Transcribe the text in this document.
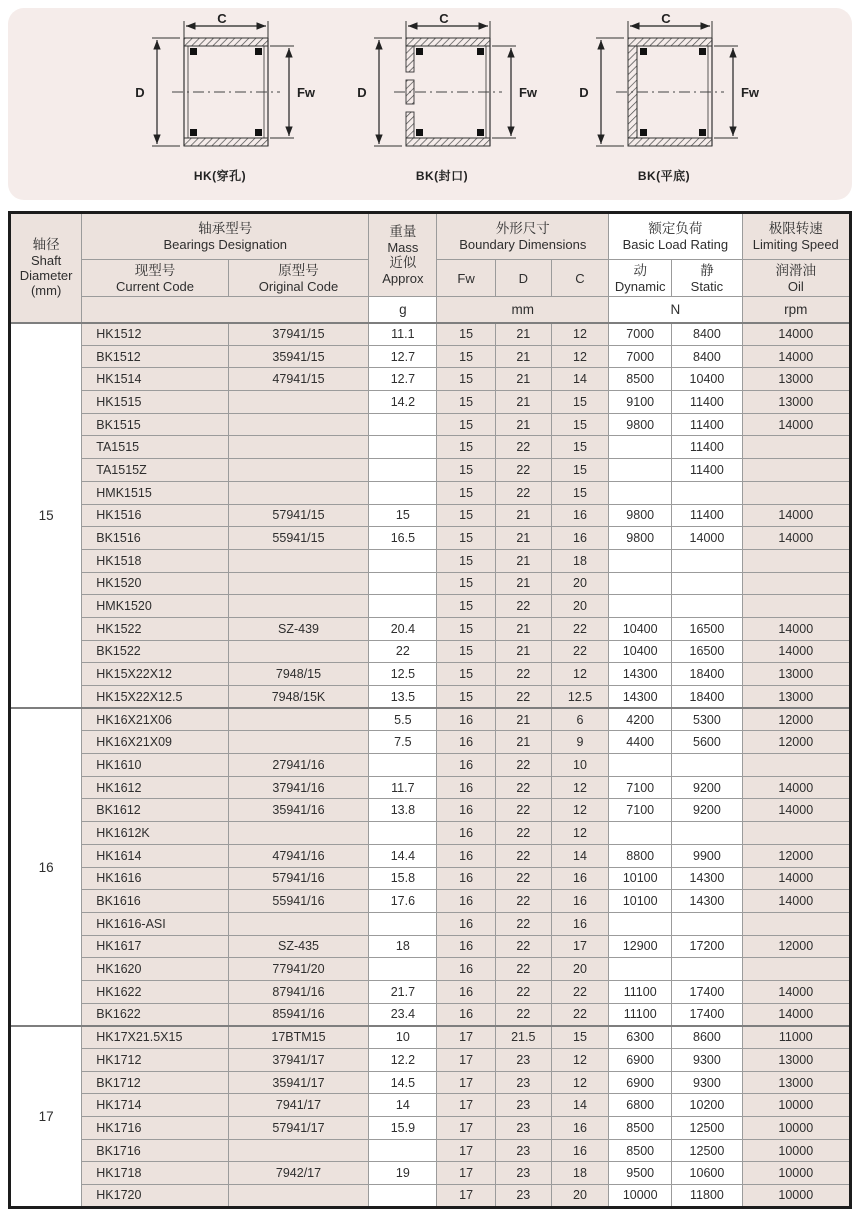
C
D	Fw
HK(穿孔)
C
D	Fw
BK(封口)
C
D	Fw
BK(平底)
轴径
Shaft
Diameter
(mm)	轴承型号
Bearings Designation		重量
Mass
近似
Approx	外形尺寸
Boundary Dimensions			额定负荷
Basic Load Rating		极限转速
Limiting Speed

	现型号
Current Code	原型号
Original Code		Fw	D	C	动
Dynamic	静
Static	润滑油
Oil

			g	mm			N		rpm
15	HK1512	37941/15	11.1	15	21	12	7000	8400	14000
	BK1512	35941/15	12.7	15	21	12	7000	8400	14000
	HK1514	47941/15	12.7	15	21	14	8500	10400	13000
	HK1515		14.2	15	21	15	9100	11400	13000
	BK1515			15	21	15	9800	11400	14000
	TA1515			15	22	15		11400	
	TA1515Z			15	22	15		11400	
	HMK1515			15	22	15			
	HK1516	57941/15	15	15	21	16	9800	11400	14000
	BK1516	55941/15	16.5	15	21	16	9800	14000	14000
	HK1518			15	21	18			
	HK1520			15	21	20			
	HMK1520			15	22	20			
	HK1522	SZ-439	20.4	15	21	22	10400	16500	14000
	BK1522		22	15	21	22	10400	16500	14000
	HK15X22X12	7948/15	12.5	15	22	12	14300	18400	13000
	HK15X22X12.5	7948/15K	13.5	15	22	12.5	14300	18400	13000
16	HK16X21X06		5.5	16	21	6	4200	5300	12000
	HK16X21X09		7.5	16	21	9	4400	5600	12000
	HK1610	27941/16		16	22	10			
	HK1612	37941/16	11.7	16	22	12	7100	9200	14000
	BK1612	35941/16	13.8	16	22	12	7100	9200	14000
	HK1612K			16	22	12			
	HK1614	47941/16	14.4	16	22	14	8800	9900	12000
	HK1616	57941/16	15.8	16	22	16	10100	14300	14000
	BK1616	55941/16	17.6	16	22	16	10100	14300	14000
	HK1616-ASI			16	22	16			
	HK1617	SZ-435	18	16	22	17	12900	17200	12000
	HK1620	77941/20		16	22	20			
	HK1622	87941/16	21.7	16	22	22	11100	17400	14000
	BK1622	85941/16	23.4	16	22	22	11100	17400	14000
17	HK17X21.5X15	17BTM15	10	17	21.5	15	6300	8600	11000
	HK1712	37941/17	12.2	17	23	12	6900	9300	13000
	BK1712	35941/17	14.5	17	23	12	6900	9300	13000
	HK1714	7941/17	14	17	23	14	6800	10200	10000
	HK1716	57941/17	15.9	17	23	16	8500	12500	10000
	BK1716			17	23	16	8500	12500	10000
	HK1718	7942/17	19	17	23	18	9500	10600	10000
	HK1720			17	23	20	10000	11800	10000
